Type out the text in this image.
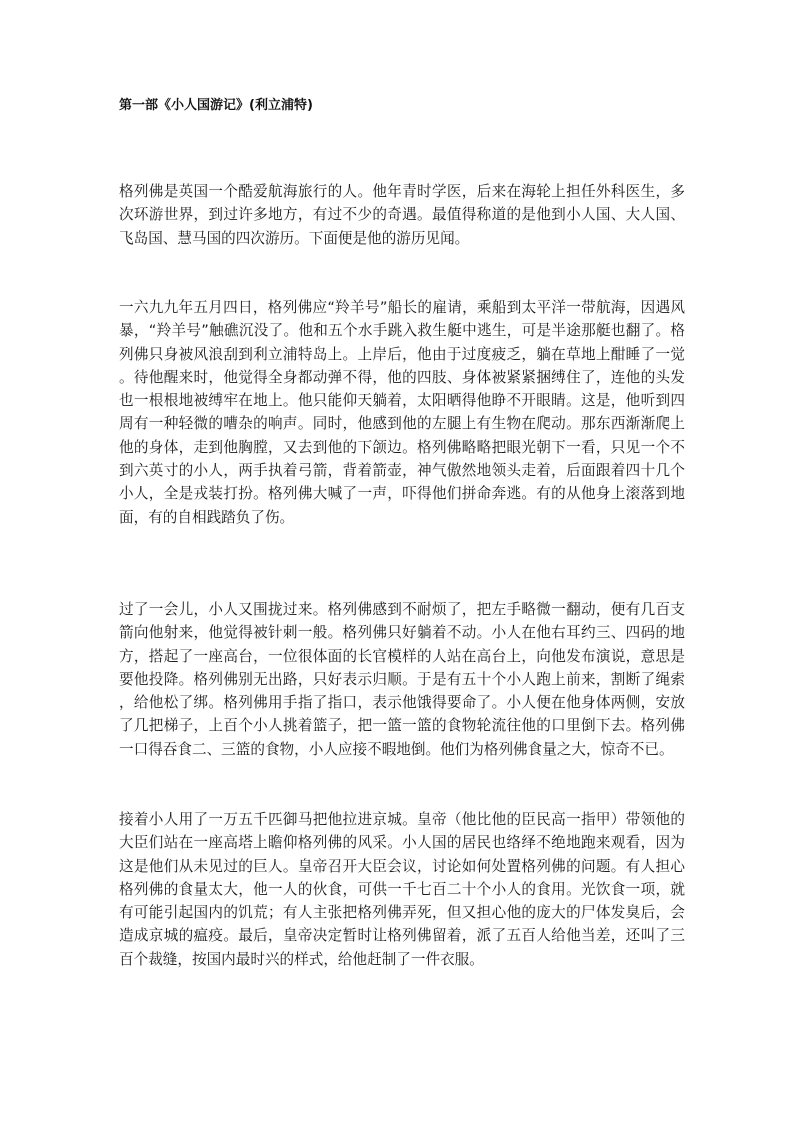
第一部《小人国游记》(利立浦特)

格列佛是英国一个酷爱航海旅行的人。他年青时学医，后来在海轮上担任外科医生，多次环游世界，到过许多地方，有过不少的奇遇。最值得称道的是他到小人国、大人国、飞岛国、慧马国的四次游历。下面便是他的游历见闻。

一六九九年五月四日，格列佛应“羚羊号”船长的雇请，乘船到太平洋一带航海，因遇风暴，“羚羊号”触礁沉没了。他和五个水手跳入救生艇中逃生，可是半途那艇也翻了。格列佛只身被风浪刮到利立浦特岛上。上岸后，他由于过度疲乏，躺在草地上酣睡了一觉。待他醒来时，他觉得全身都动弹不得，他的四肢、身体被紧紧捆缚住了，连他的头发也一根根地被缚牢在地上。他只能仰天躺着，太阳晒得他睁不开眼睛。这是，他听到四周有一种轻微的嘈杂的响声。同时，他感到他的左腿上有生物在爬动。那东西渐渐爬上他的身体，走到他胸膛，又去到他的下颌边。格列佛略略把眼光朝下一看，只见一个不到六英寸的小人，两手执着弓箭，背着箭壶，神气傲然地领头走着，后面跟着四十几个小人，全是戎装打扮。格列佛大喊了一声，吓得他们拼命奔逃。有的从他身上滚落到地面，有的自相践踏负了伤。

过了一会儿，小人又围拢过来。格列佛感到不耐烦了，把左手略微一翻动，便有几百支箭向他射来，他觉得被针刺一般。格列佛只好躺着不动。小人在他右耳约三、四码的地方，搭起了一座高台，一位很体面的长官模样的人站在高台上，向他发布演说，意思是要他投降。格列佛别无出路，只好表示归顺。于是有五十个小人跑上前来，割断了绳索，给他松了绑。格列佛用手指了指口，表示他饿得要命了。小人便在他身体两侧，安放了几把梯子，上百个小人挑着篮子，把一篮一篮的食物轮流往他的口里倒下去。格列佛一口得吞食二、三篮的食物，小人应接不暇地倒。他们为格列佛食量之大，惊奇不已。

接着小人用了一万五千匹御马把他拉进京城。皇帝（他比他的臣民高一指甲）带领他的大臣们站在一座高塔上瞻仰格列佛的风采。小人国的居民也络绎不绝地跑来观看，因为这是他们从未见过的巨人。皇帝召开大臣会议，讨论如何处置格列佛的问题。有人担心格列佛的食量太大，他一人的伙食，可供一千七百二十个小人的食用。光饮食一项，就有可能引起国内的饥荒；有人主张把格列佛弄死，但又担心他的庞大的尸体发臭后，会造成京城的瘟疫。最后，皇帝决定暂时让格列佛留着，派了五百人给他当差，还叫了三百个裁缝，按国内最时兴的样式，给他赶制了一件衣服。
